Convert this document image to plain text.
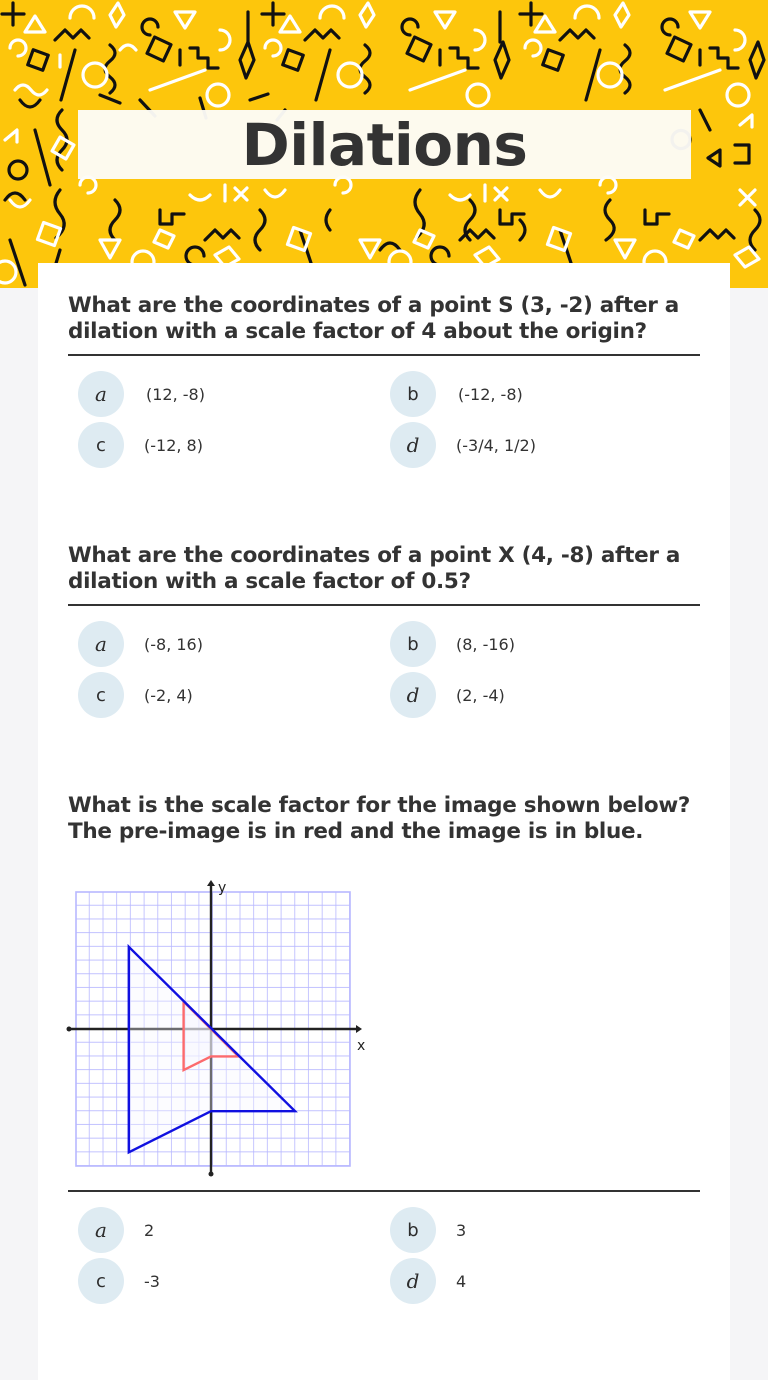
Dilations
What are the coordinates of a point S (3, -2) after a dilation with a scale factor of 4 about the origin?
a	(12, -8)	b	(-12, -8)
c	(-12, 8)	d	(-3/4, 1/2)
What are the coordinates of a point X (4, -8) after a dilation with a scale factor of 0.5?
a	(-8, 16)	b	(8, -16)
c	(-2, 4)	d	(2, -4)
What is the scale factor for the image shown below? The pre-image is in red and the image is in blue.
x
y
a	2	b	3
c	-3	d	4
